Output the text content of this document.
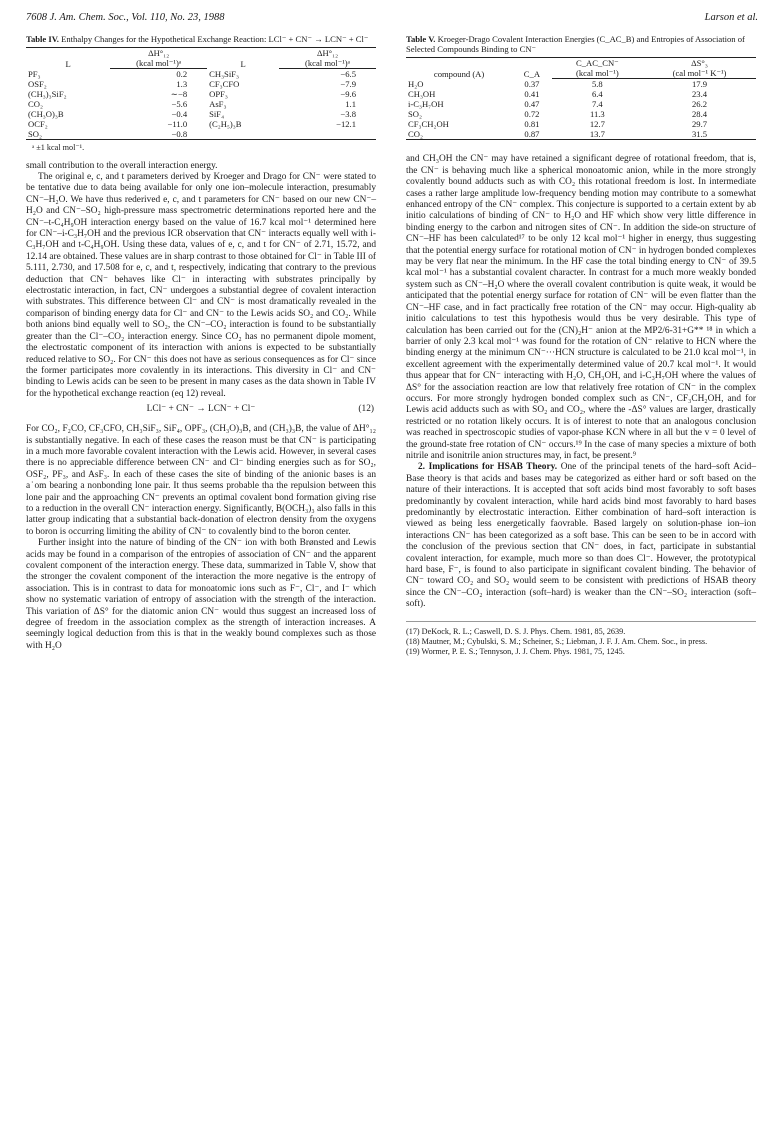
7608 J. Am. Chem. Soc., Vol. 110, No. 23, 1988	Larson et al.
Table IV. Enthalpy Changes for the Hypothetical Exchange Reaction: LCl⁻ + CN⁻ → LCN⁻ + Cl⁻
L	ΔH°₁₂	L	ΔH°₁₂
	(kcal mol⁻¹)ᵃ		(kcal mol⁻¹)ᵃ
PF₃	0.2	CH₃SiF₃	−6.5
OSF₂	1.3	CF₃CFO	−7.9
(CH₃)₃SiF₂	∼−8	OPF₃	−9.6
CO₂	−5.6	AsF₃	1.1
(CH₃O)₃B	−0.4	SiF₄	−3.8
OCF₂	−11.0	(C₂H₅)₃B	−12.1
SO₂	−0.8		
ᵃ ±1 kcal mol⁻¹.

small contribution to the overall interaction energy.

The original e, c, and t parameters derived by Kroeger and Drago for CN⁻ were stated to be tentative due to data being available for only one ion–molecule interaction, presumably CN⁻–H₂O. We have thus rederived e, c, and t parameters for CN⁻ based on our new CN⁻–H₂O and CN⁻–SO₂ high-pressure mass spectrometric determinations reported here and the CN⁻–t-C₄H₉OH interaction energy based on the value of 16.7 kcal mol⁻¹ determined here for CN⁻–i-C₃H₇OH and the previous ICR observation that CN⁻ interacts equally well with i-C₃H₇OH and t-C₄H₉OH. Using these data, values of e, c, and t for CN⁻ of 2.71, 15.72, and 12.14 are obtained. These values are in sharp contrast to those obtained for Cl⁻ in Table III of 5.111, 2.730, and 17.508 for e, c, and t, respectively, indicating that contrary to the previous deduction that CN⁻ behaves like Cl⁻ in interacting with substrates principally by electrostatic interaction, in fact, CN⁻ undergoes a substantial degree of covalent interaction with substrates. This difference between Cl⁻ and CN⁻ is most dramatically revealed in the comparison of binding energy data for Cl⁻ and CN⁻ to the Lewis acids SO₂ and CO₂. While both anions bind equally well to SO₂, the CN⁻–CO₂ interaction is found to be substantially greater than the Cl⁻–CO₂ interaction energy. Since CO₂ has no permanent dipole moment, the electrostatic component of its interaction with anions is expected to be substantially reduced relative to SO₂. For CN⁻ this does not have as serious consequences as for Cl⁻ since the former participates more covalently in its interactions. This diversity in Cl⁻ and CN⁻ binding to Lewis acids can be seen to be present in many cases as the data shown in Table IV for the hypothetical exchange reaction (eq 12) reveal.

LCl⁻ + CN⁻ → LCN⁻ + Cl⁻	(12)

For CO₂, F₂CO, CF₃CFO, CH₃SiF₃, SiF₄, OPF₃, (CH₃O)₃B, and (CH₃)₃B, the value of ΔH°₁₂ is substantially negative. In each of these cases the reason must be that CN⁻ is participating in a much more favorable covalent interaction with the Lewis acid. However, in several cases there is no appreciable difference between CN⁻ and Cl⁻ binding energies such as for SO₂, OSF₂, PF₃, and AsF₃. In each of these cases the site of binding of the anionic bases is an a˙om bearing a nonbonding lone pair. It thus seems probable tha the repulsion between this lone pair and the approaching CN⁻ prevents an optimal covalent bond formation giving rise to a reduction in the overall CN⁻ interaction energy. Significantly, B(OCH₃)₃ also falls in this latter group indicating that a substantial back-donation of electron density from the oxygens to boron is occurring limiting the ability of CN⁻ to covalently bind to the boron center.

Further insight into the nature of binding of the CN⁻ ion with both Brønsted and Lewis acids may be found in a comparison of the entropies of association of CN⁻ and the apparent covalent component of the interaction energy. These data, summarized in Table V, show that the stronger the covalent component of the interaction the more negative is the entropy of association. This is in contrast to data for monoatomic ions such as F⁻, Cl⁻, and I⁻ which show no systematic variation of entropy of association with the strength of the interaction. This variation of ΔS° for the diatomic anion CN⁻ would thus suggest an increased loss of degree of freedom in the association complex as the strength of interaction increases. A seemingly logical deduction from this is that in the weakly bound complexes such as those with H₂O

Table V. Kroeger-Drago Covalent Interaction Energies (C_AC_B) and Entropies of Association of Selected Compounds Binding to CN⁻
compound (A)	C_A	C_AC_CN⁻	ΔS°₃
		(kcal mol⁻¹)	(cal mol⁻¹ K⁻¹)
H₂O	0.37	5.8	17.9
CH₃OH	0.41	6.4	23.4
i-C₃H₇OH	0.47	7.4	26.2
SO₂	0.72	11.3	28.4
CF₃CH₂OH	0.81	12.7	29.7
CO₂	0.87	13.7	31.5

and CH₃OH the CN⁻ may have retained a significant degree of rotational freedom, that is, the CN⁻ is behaving much like a spherical monoatomic anion, while in the more strongly covalently bound adducts such as with CO₂ this rotational freedom is lost. In intermediate cases a rather large amplitude low-frequency bending motion may contribute to a somewhat enhanced entropy of the CN⁻ complex. This conjecture is supported to a certain extent by ab initio calculations of binding of CN⁻ to H₂O and HF which show very little difference in binding energy to the carbon and nitrogen sites of CN⁻. In addition the side-on structure of CN⁻–HF has been calculated¹⁷ to be only 12 kcal mol⁻¹ higher in energy, thus suggesting that the potential energy surface for rotational motion of CN⁻ in hydrogen bonded complexes may be very flat near the minimum. In the HF case the total binding energy to CN⁻ of 39.5 kcal mol⁻¹ has a substantial covalent character. In contrast for a much more weakly bonded system such as CN⁻–H₂O where the overall covalent contribution is quite weak, it would be anticipated that the potential energy surface for rotation of CN⁻ will be even flatter than the CN⁻–HF case, and in fact practically free rotation of the CN⁻ may occur. High-quality ab initio calculations to test this hypothesis would thus be very desirable. This type of calculation has been carried out for the (CN)₂H⁻ anion at the MP2/6-31+G** ¹⁸ in which a barrier of only 2.3 kcal mol⁻¹ was found for the rotation of CN⁻ relative to HCN where the binding energy at the minimum CN⁻···HCN structure is calculated to be 21.0 kcal mol⁻¹, in excellent agreement with the experimentally determined value of 20.7 kcal mol⁻¹. It would thus appear that for CN⁻ interacting with H₂O, CH₃OH, and i-C₃H₇OH where the values of ΔS° for the association reaction are low that relatively free rotation of CN⁻ in the complex occurs. For more strongly hydrogen bonded complex such as CN⁻, CF₃CH₂OH, and for Lewis acid adducts such as with SO₂ and CO₂, where the -ΔS° values are larger, drastically restricted or no rotation likely occurs. It is of interest to note that an analogous conclusion was reached in spectroscopic studies of vapor-phase KCN where in all but the v = 0 level of the ground-state free rotation of CN⁻ occurs.¹⁹ In the case of many species a mixture of both nitrile and isonitrile anion structures may, in fact, be present.⁹

2. Implications for HSAB Theory. One of the principal tenets of the hard–soft Acid–Base theory is that acids and bases may be categorized as either hard or soft based on the nature of their interactions. It is accepted that soft acids bind most favorably to soft bases predominantly by covalent interaction, while hard acids bind most favorably to hard bases predominantly by electrostatic interaction. Either combination of hard–soft interaction is viewed as being less energetically faovrable. Based largely on solution-phase ion–ion interactions CN⁻ has been categorized as a soft base. This can be seen to be in accord with the conclusion of the previous section that CN⁻ does, in fact, participate in substantial covalent interaction, for example, much more so than does Cl⁻. However, the prototypical hard base, F⁻, is found to also participate in significant covalent binding. The behavior of CN⁻ toward CO₂ and SO₂ would seem to be consistent with predictions of HSAB theory since the CN⁻–CO₂ interaction (soft–hard) is weaker than the CN⁻–SO₂ interaction (soft–soft).

(17) DeKock, R. L.; Caswell, D. S. J. Phys. Chem. 1981, 85, 2639.
(18) Mautner, M.; Cybulski, S. M.; Scheiner, S.; Liebman, J. F. J. Am. Chem. Soc., in press.
(19) Wormer, P. E. S.; Tennyson, J. J. Chem. Phys. 1981, 75, 1245.
